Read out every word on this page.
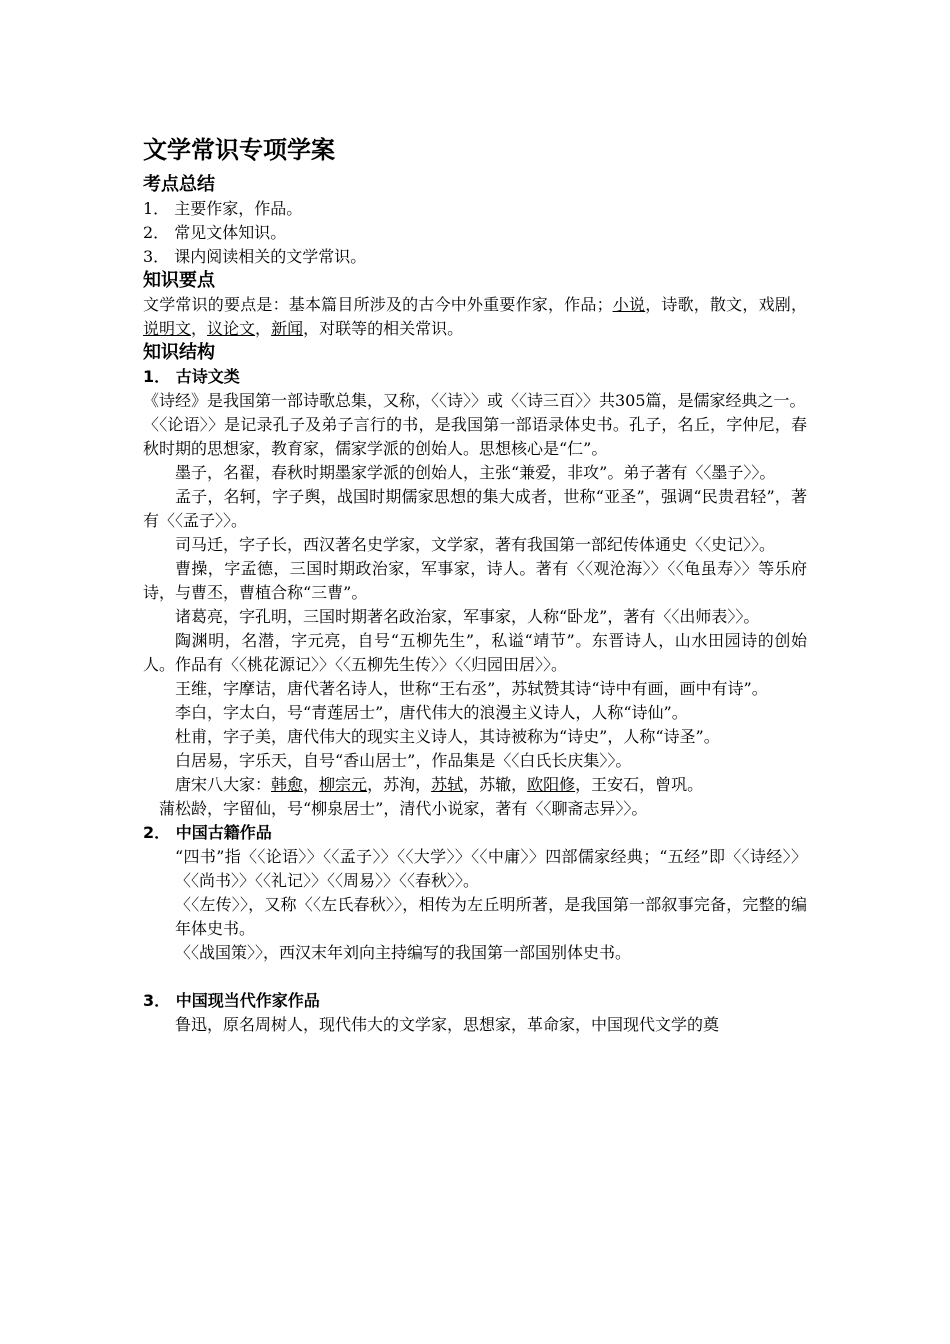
文学常识专项学案
考点总结
1． 主要作家，作品。
2． 常见文体知识。
3． 课内阅读相关的文学常识。
知识要点

文学常识的要点是：基本篇目所涉及的古今中外重要作家，作品；小说，诗歌，散文，戏剧，说明文，议论文，新闻，对联等的相关常识。

知识结构
1． 古诗文类

《诗经》是我国第一部诗歌总集，又称，〈〈诗〉〉或〈〈诗三百〉〉共305篇，是儒家经典之一。

〈〈论语〉〉是记录孔子及弟子言行的书，是我国第一部语录体史书。孔子，名丘，字仲尼，春秋时期的思想家，教育家，儒家学派的创始人。思想核心是“仁”。

墨子，名翟，春秋时期墨家学派的创始人，主张“兼爱，非攻”。弟子著有〈〈墨子〉〉。

孟子，名轲，字子舆，战国时期儒家思想的集大成者，世称“亚圣”，强调“民贵君轻”，著有〈〈孟子〉〉。

司马迁，字子长，西汉著名史学家，文学家，著有我国第一部纪传体通史〈〈史记〉〉。

曹操，字孟德，三国时期政治家，军事家，诗人。著有〈〈观沧海〉〉〈〈龟虽寿〉〉等乐府诗，与曹丕，曹植合称“三曹”。

诸葛亮，字孔明，三国时期著名政治家，军事家，人称“卧龙”，著有〈〈出师表〉〉。

陶渊明，名潜，字元亮，自号“五柳先生”，私谥“靖节”。东晋诗人，山水田园诗的创始人。作品有〈〈桃花源记〉〉〈〈五柳先生传〉〉〈〈归园田居〉〉。

王维，字摩诘，唐代著名诗人，世称“王右丞”，苏轼赞其诗“诗中有画，画中有诗”。

李白，字太白，号“青莲居士”，唐代伟大的浪漫主义诗人，人称“诗仙”。

杜甫，字子美，唐代伟大的现实主义诗人，其诗被称为“诗史”，人称“诗圣”。

白居易，字乐天，自号“香山居士”，作品集是〈〈白氏长庆集〉〉。

唐宋八大家：韩愈，柳宗元，苏洵，苏轼，苏辙，欧阳修，王安石，曾巩。

蒲松龄，字留仙，号“柳泉居士”，清代小说家，著有〈〈聊斋志异〉〉。

2． 中国古籍作品

“四书”指〈〈论语〉〉〈〈孟子〉〉〈〈大学〉〉〈〈中庸〉〉四部儒家经典；“五经”即〈〈诗经〉〉〈〈尚书〉〉〈〈礼记〉〉〈〈周易〉〉〈〈春秋〉〉。

〈〈左传〉〉，又称〈〈左氏春秋〉〉，相传为左丘明所著，是我国第一部叙事完备，完整的编年体史书。

〈〈战国策〉〉，西汉末年刘向主持编写的我国第一部国别体史书。

3． 中国现当代作家作品

鲁迅，原名周树人，现代伟大的文学家，思想家，革命家，中国现代文学的奠
